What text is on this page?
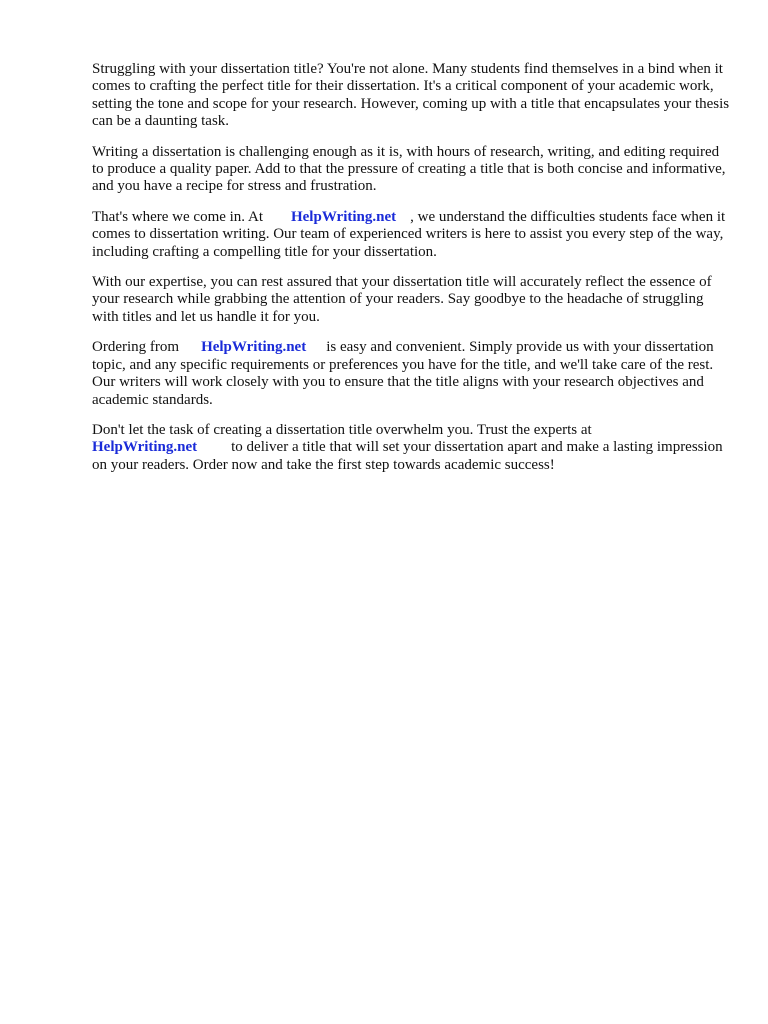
Struggling with your dissertation title? You're not alone. Many students find themselves in a bind when it comes to crafting the perfect title for their dissertation. It's a critical component of your academic work, setting the tone and scope for your research. However, coming up with a title that encapsulates your thesis can be a daunting task.

Writing a dissertation is challenging enough as it is, with hours of research, writing, and editing required to produce a quality paper. Add to that the pressure of creating a title that is both concise and informative, and you have a recipe for stress and frustration.

That's where we come in. At HelpWriting.net , we understand the difficulties students face when it comes to dissertation writing. Our team of experienced writers is here to assist you every step of the way, including crafting a compelling title for your dissertation.

With our expertise, you can rest assured that your dissertation title will accurately reflect the essence of your research while grabbing the attention of your readers. Say goodbye to the headache of struggling with titles and let us handle it for you.

Ordering from HelpWriting.net is easy and convenient. Simply provide us with your dissertation topic, and any specific requirements or preferences you have for the title, and we'll take care of the rest. Our writers will work closely with you to ensure that the title aligns with your research objectives and academic standards.

Don't let the task of creating a dissertation title overwhelm you. Trust the experts at
HelpWriting.net to deliver a title that will set your dissertation apart and make a lasting impression on your readers. Order now and take the first step towards academic success!
